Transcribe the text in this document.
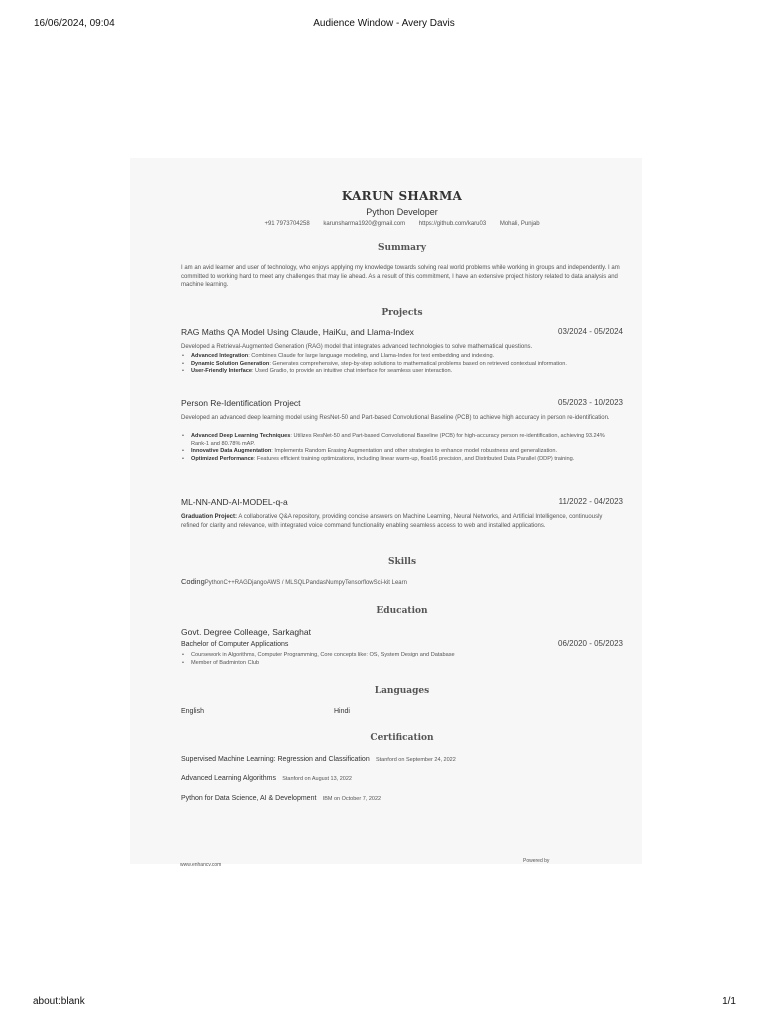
16/06/2024, 09:04	Audience Window - Avery Davis
KARUN SHARMA
Python Developer
+91 7973704258 karunsharma1920@gmail.com https://github.com/karu03 Mohali, Punjab
Summary
I am an avid learner and user of technology, who enjoys applying my knowledge towards solving real world problems while working in groups and independently. I am committed to working hard to meet any challenges that may lie ahead. As a result of this commitment, I have an extensive project history related to data analysis and machine learning.
Projects
RAG Maths QA Model Using Claude, HaiKu, and Llama-Index	03/2024 - 05/2024
Developed a Retrieval-Augmented Generation (RAG) model that integrates advanced technologies to solve mathematical questions.
• Advanced Integration: Combines Claude for large language modeling, and Llama-Index for text embedding and indexing.
• Dynamic Solution Generation: Generates comprehensive, step-by-step solutions to mathematical problems based on retrieved contextual information.
• User-Friendly Interface: Used Gradio, to provide an intuitive chat interface for seamless user interaction.
Person Re-Identification Project	05/2023 - 10/2023
Developed an advanced deep learning model using ResNet-50 and Part-based Convolutional Baseline (PCB) to achieve high accuracy in person re-identification.
• Advanced Deep Learning Techniques: Utilizes ResNet-50 and Part-based Convolutional Baseline (PCB) for high-accuracy person re-identification, achieving 93.24% Rank-1 and 80.78% mAP.
• Innovative Data Augmentation: Implements Random Erasing Augmentation and other strategies to enhance model robustness and generalization.
• Optimized Performance: Features efficient training optimizations, including linear warm-up, float16 precision, and Distributed Data Parallel (DDP) training.
ML-NN-AND-AI-MODEL-q-a	11/2022 - 04/2023
Graduation Project: A collaborative Q&A repository, providing concise answers on Machine Learning, Neural Networks, and Artificial Intelligence, continuously refined for clarity and relevance, with integrated voice command functionality enabling seamless access to web and installed applications.
Skills
CodingPythonC++RAGDjangoAWS / MLSQLPandasNumpyTensorflowSci-kit Learn
Education
Govt. Degree Colleage, Sarkaghat
Bachelor of Computer Applications	06/2020 - 05/2023
• Coursework in Algorithms, Computer Programming, Core concepts like: OS, System Design and Database
• Member of Badminton Club
Languages
English	Hindi
Certification
Supervised Machine Learning: Regression and Classification Stanford on September 24, 2022
Advanced Learning Algorithms Stanford on August 13, 2022
Python for Data Science, AI & Development IBM on October 7, 2022
www.enhancv.com
Powered by
about:blank	1/1
